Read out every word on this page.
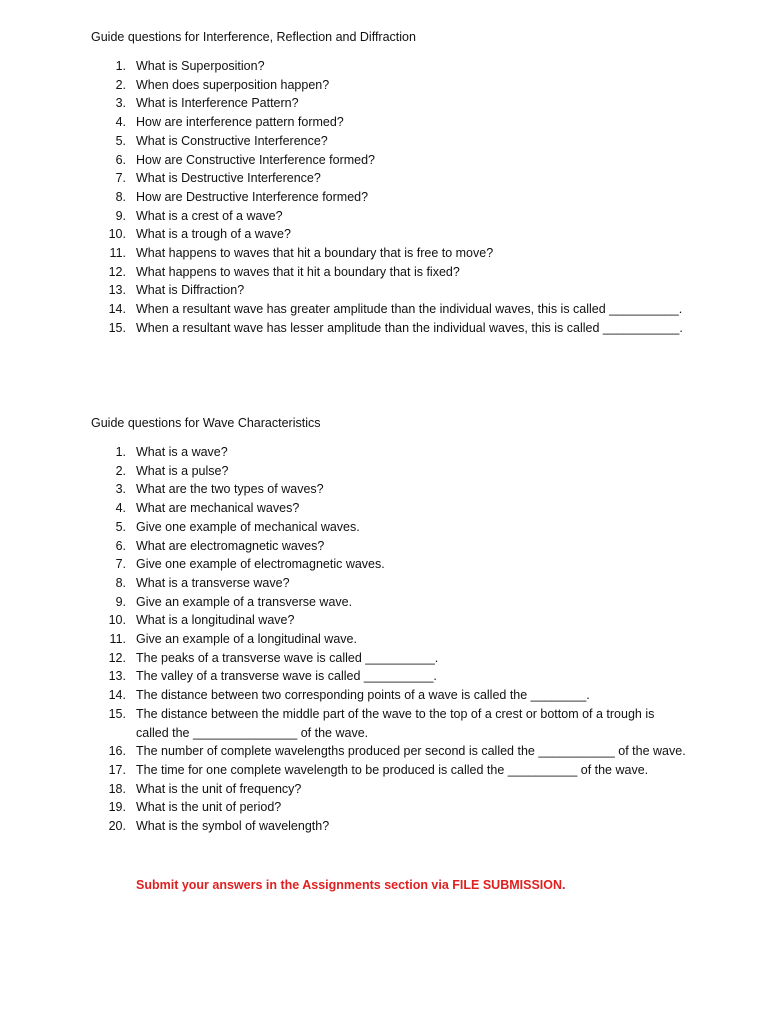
Guide questions for Interference, Reflection and Diffraction
1. What is Superposition?
2. When does superposition happen?
3. What is Interference Pattern?
4. How are interference pattern formed?
5. What is Constructive Interference?
6. How are Constructive Interference formed?
7. What is Destructive Interference?
8. How are Destructive Interference formed?
9. What is a crest of a wave?
10. What is a trough of a wave?
11. What happens to waves that hit a boundary that is free to move?
12. What happens to waves that it hit a boundary that is fixed?
13. What is Diffraction?
14. When a resultant wave has greater amplitude than the individual waves, this is called __________.
15. When a resultant wave has lesser amplitude than the individual waves, this is called ___________.
Guide questions for Wave Characteristics
1. What is a wave?
2. What is a pulse?
3. What are the two types of waves?
4. What are mechanical waves?
5. Give one example of mechanical waves.
6. What are electromagnetic waves?
7. Give one example of electromagnetic waves.
8. What is a transverse wave?
9. Give an example of a transverse wave.
10. What is a longitudinal wave?
11. Give an example of a longitudinal wave.
12. The peaks of a transverse wave is called __________.
13. The valley of a transverse wave is called __________.
14. The distance between two corresponding points of a wave is called the ________.
15. The distance between the middle part of the wave to the top of a crest or bottom of a trough is called the _______________ of the wave.
16. The number of complete wavelengths produced per second is called the ___________ of the wave.
17. The time for one complete wavelength to be produced is called the __________ of the wave.
18. What is the unit of frequency?
19. What is the unit of period?
20. What is the symbol of wavelength?
Submit your answers in the Assignments section via FILE SUBMISSION.
